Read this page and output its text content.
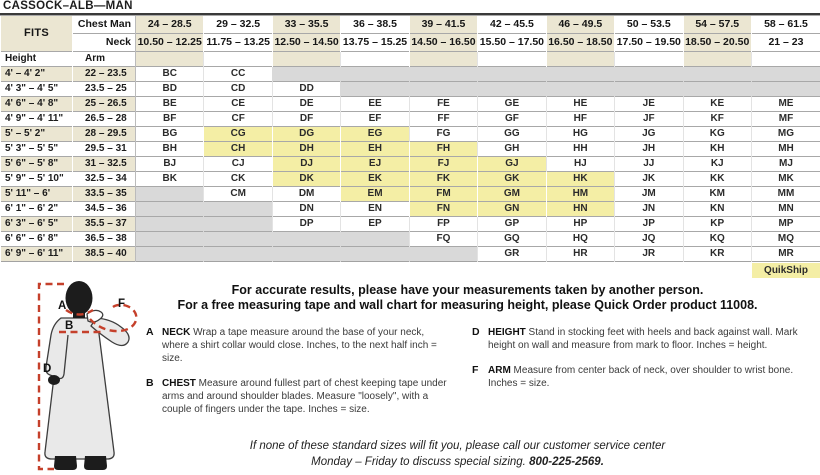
CASSOCK–ALB—MAN
FITS	Chest Man	24 – 28.5	29 – 32.5	33 – 35.5	36 – 38.5	39 – 41.5	42 – 45.5	46 – 49.5	50 – 53.5	54 – 57.5	58 – 61.5
	Neck	10.50 – 12.25	11.75 – 13.25	12.50 – 14.50	13.75 – 15.25	14.50 – 16.50	15.50 – 17.50	16.50 – 18.50	17.50 – 19.50	18.50 – 20.50	21 – 23
Height	Arm										
4' – 4' 2"	22 – 23.5	BC	CC								
4' 3" – 4' 5"	23.5 – 25	BD	CD	DD							
4' 6" – 4' 8"	25 – 26.5	BE	CE	DE	EE	FE	GE	HE	JE	KE	ME
4' 9" – 4' 11"	26.5 – 28	BF	CF	DF	EF	FF	GF	HF	JF	KF	MF
5' – 5' 2"	28 – 29.5	BG	CG	DG	EG	FG	GG	HG	JG	KG	MG
5' 3" – 5' 5"	29.5 – 31	BH	CH	DH	EH	FH	GH	HH	JH	KH	MH
5' 6" – 5' 8"	31 – 32.5	BJ	CJ	DJ	EJ	FJ	GJ	HJ	JJ	KJ	MJ
5' 9" – 5' 10"	32.5 – 34	BK	CK	DK	EK	FK	GK	HK	JK	KK	MK
5' 11" – 6'	33.5 – 35		CM	DM	EM	FM	GM	HM	JM	KM	MM
6' 1" – 6' 2"	34.5 – 36			DN	EN	FN	GN	HN	JN	KN	MN
6' 3" – 6' 5"	35.5 – 37			DP	EP	FP	GP	HP	JP	KP	MP
6' 6" – 6' 8"	36.5 – 38					FQ	GQ	HQ	JQ	KQ	MQ
6' 9" – 6' 11"	38.5 – 40						GR	HR	JR	KR	MR
QuikShip
A
B
D
F
For accurate results, please have your measurements taken by another person.
For a free measuring tape and wall chart for measuring height, please Quick Order product 11008.
A NECK Wrap a tape measure around the base of your neck, where a shirt collar would close. Inches, to the next half inch = size.
B CHEST Measure around fullest part of chest keeping tape under arms and around shoulder blades. Measure "loosely", with a couple of fingers under the tape. Inches = size.
D HEIGHT Stand in stocking feet with heels and back against wall. Mark height on wall and measure from mark to floor. Inches = height.
F ARM Measure from center back of neck, over shoulder to wrist bone. Inches = size.
If none of these standard sizes will fit you, please call our customer service center
Monday – Friday to discuss special sizing. 800-225-2569.
